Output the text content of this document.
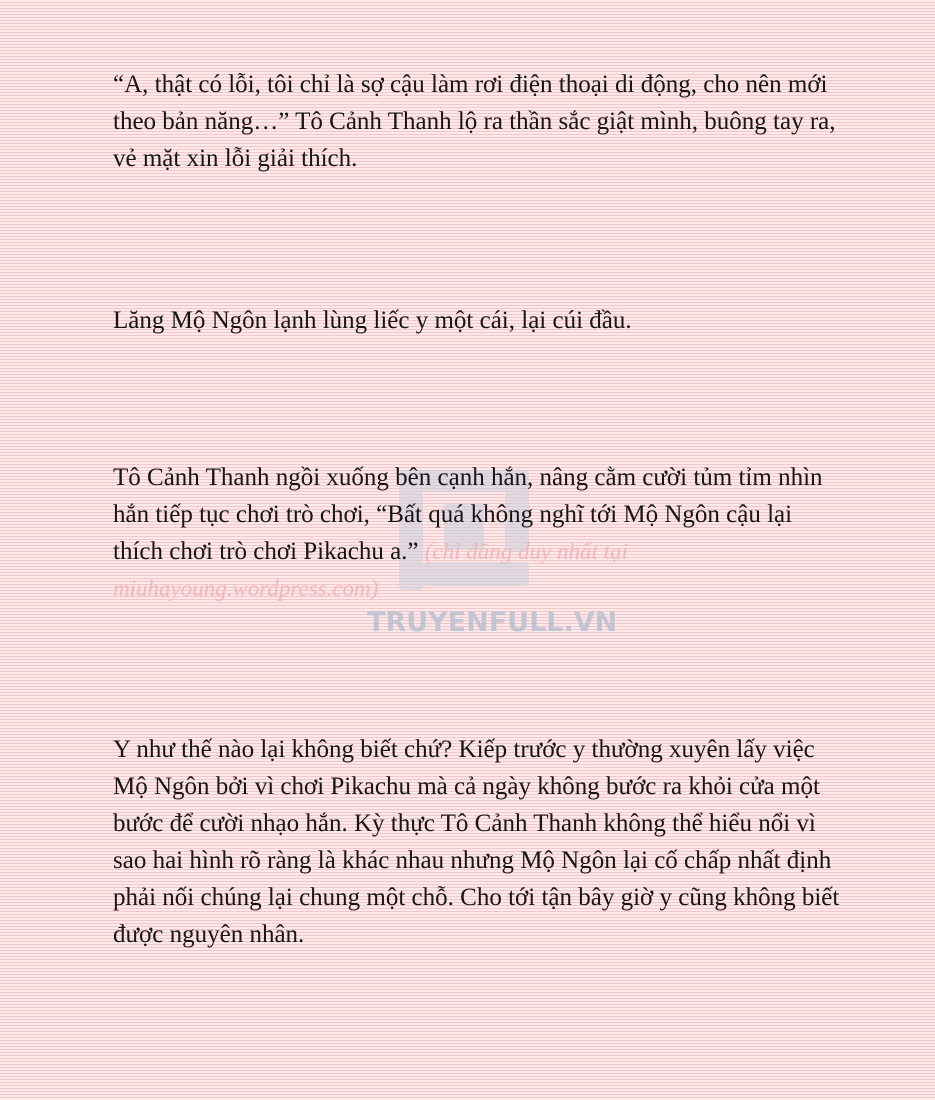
“A, thật có lỗi, tôi chỉ là sợ cậu làm rơi điện thoại di động, cho nên mới theo bản năng…” Tô Cảnh Thanh lộ ra thần sắc giật mình, buông tay ra, vẻ mặt xin lỗi giải thích.

Lăng Mộ Ngôn lạnh lùng liếc y một cái, lại cúi đầu.

TRUYENFULL.VN

Tô Cảnh Thanh ngồi xuống bên cạnh hắn, nâng cằm cười tủm tỉm nhìn hắn tiếp tục chơi trò chơi, “Bất quá không nghĩ tới Mộ Ngôn cậu lại thích chơi trò chơi Pikachu a.” (chỉ đăng duy nhất tại miuhayoung.wordpress.com)

Y như thế nào lại không biết chứ? Kiếp trước y thường xuyên lấy việc Mộ Ngôn bởi vì chơi Pikachu mà cả ngày không bước ra khỏi cửa một bước để cười nhạo hắn. Kỳ thực Tô Cảnh Thanh không thể hiểu nổi vì sao hai hình rõ ràng là khác nhau nhưng Mộ Ngôn lại cố chấp nhất định phải nối chúng lại chung một chỗ. Cho tới tận bây giờ y cũng không biết được nguyên nhân.
